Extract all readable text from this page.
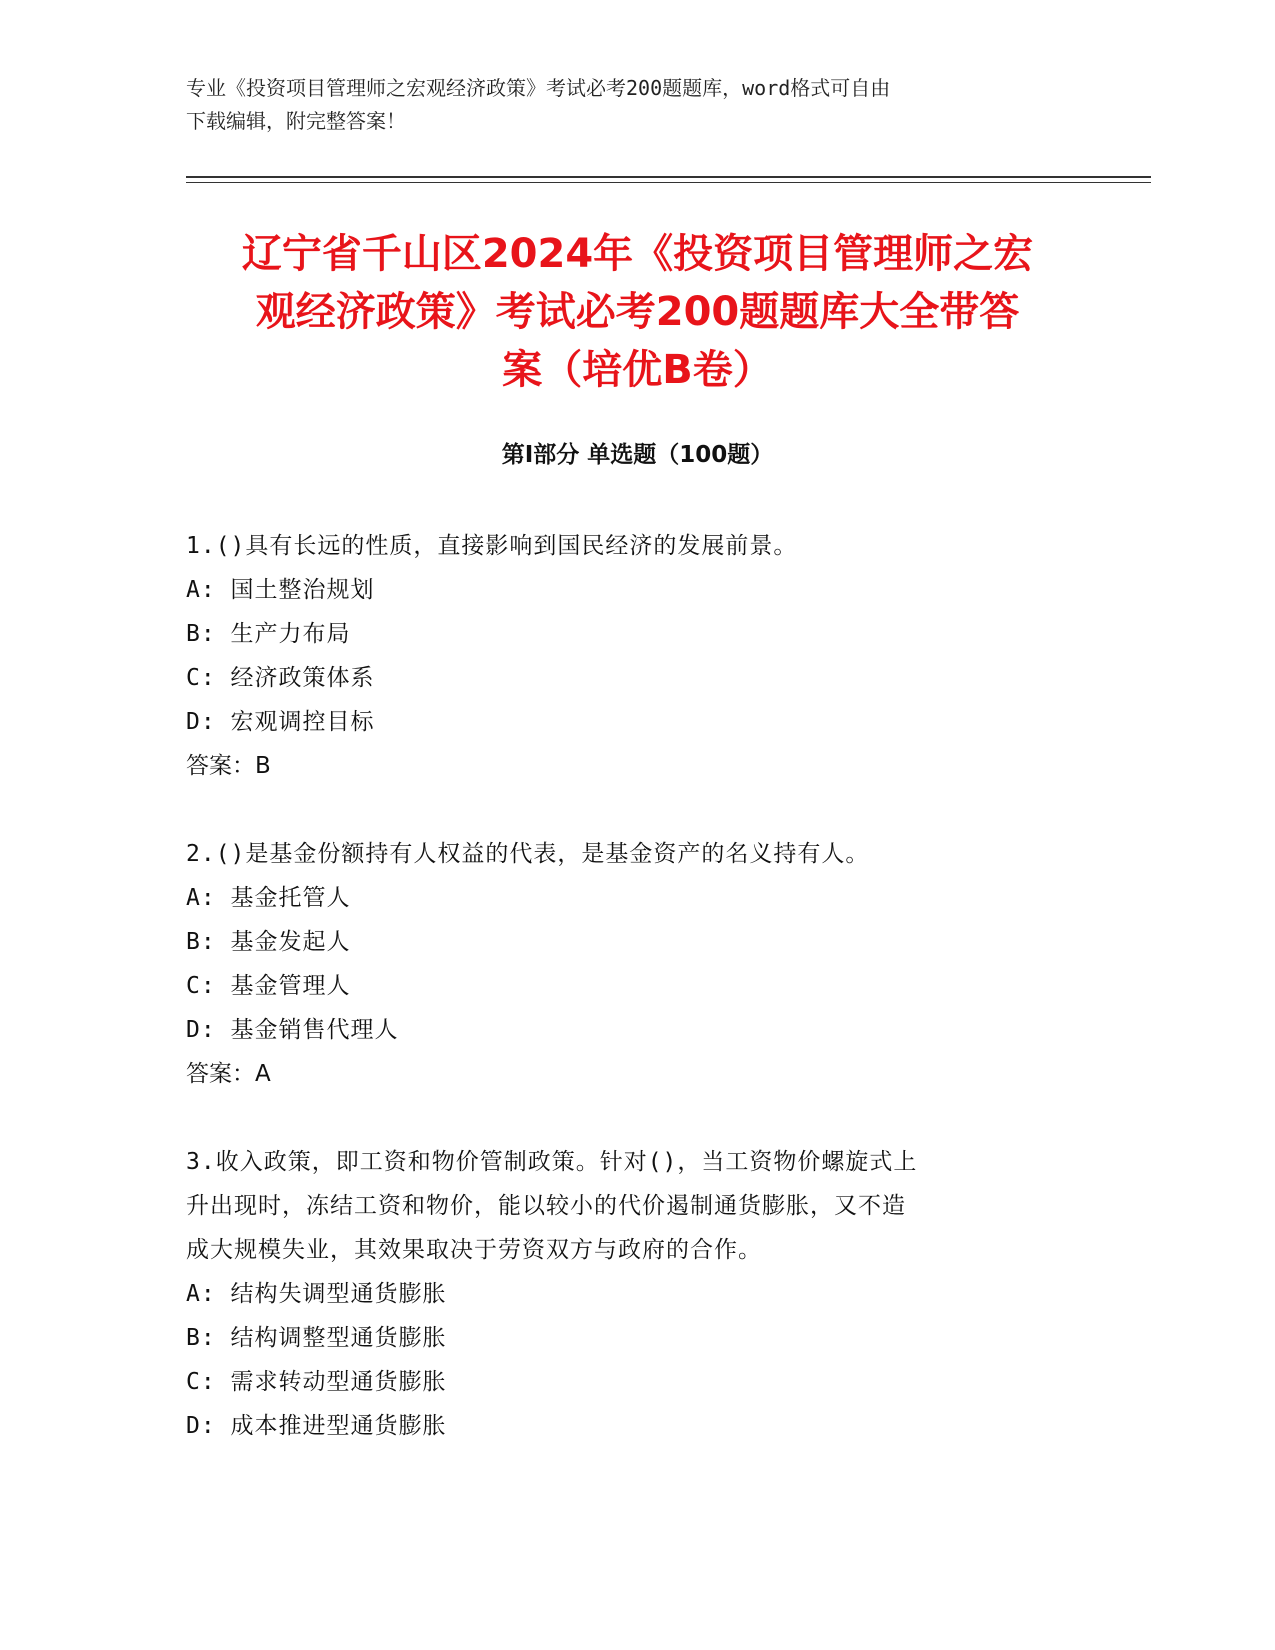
专业《投资项目管理师之宏观经济政策》考试必考200题题库，word格式可自由
下载编辑，附完整答案！
辽宁省千山区2024年《投资项目管理师之宏
观经济政策》考试必考200题题库大全带答
案（培优B卷）
第I部分 单选题（100题）
1.()具有长远的性质，直接影响到国民经济的发展前景。
A: 国土整治规划
B: 生产力布局
C: 经济政策体系
D: 宏观调控目标
答案：B
2.()是基金份额持有人权益的代表，是基金资产的名义持有人。
A: 基金托管人
B: 基金发起人
C: 基金管理人
D: 基金销售代理人
答案：A
3.收入政策，即工资和物价管制政策。针对()，当工资物价螺旋式上
升出现时，冻结工资和物价，能以较小的代价遏制通货膨胀，又不造
成大规模失业，其效果取决于劳资双方与政府的合作。
A: 结构失调型通货膨胀
B: 结构调整型通货膨胀
C: 需求转动型通货膨胀
D: 成本推进型通货膨胀
